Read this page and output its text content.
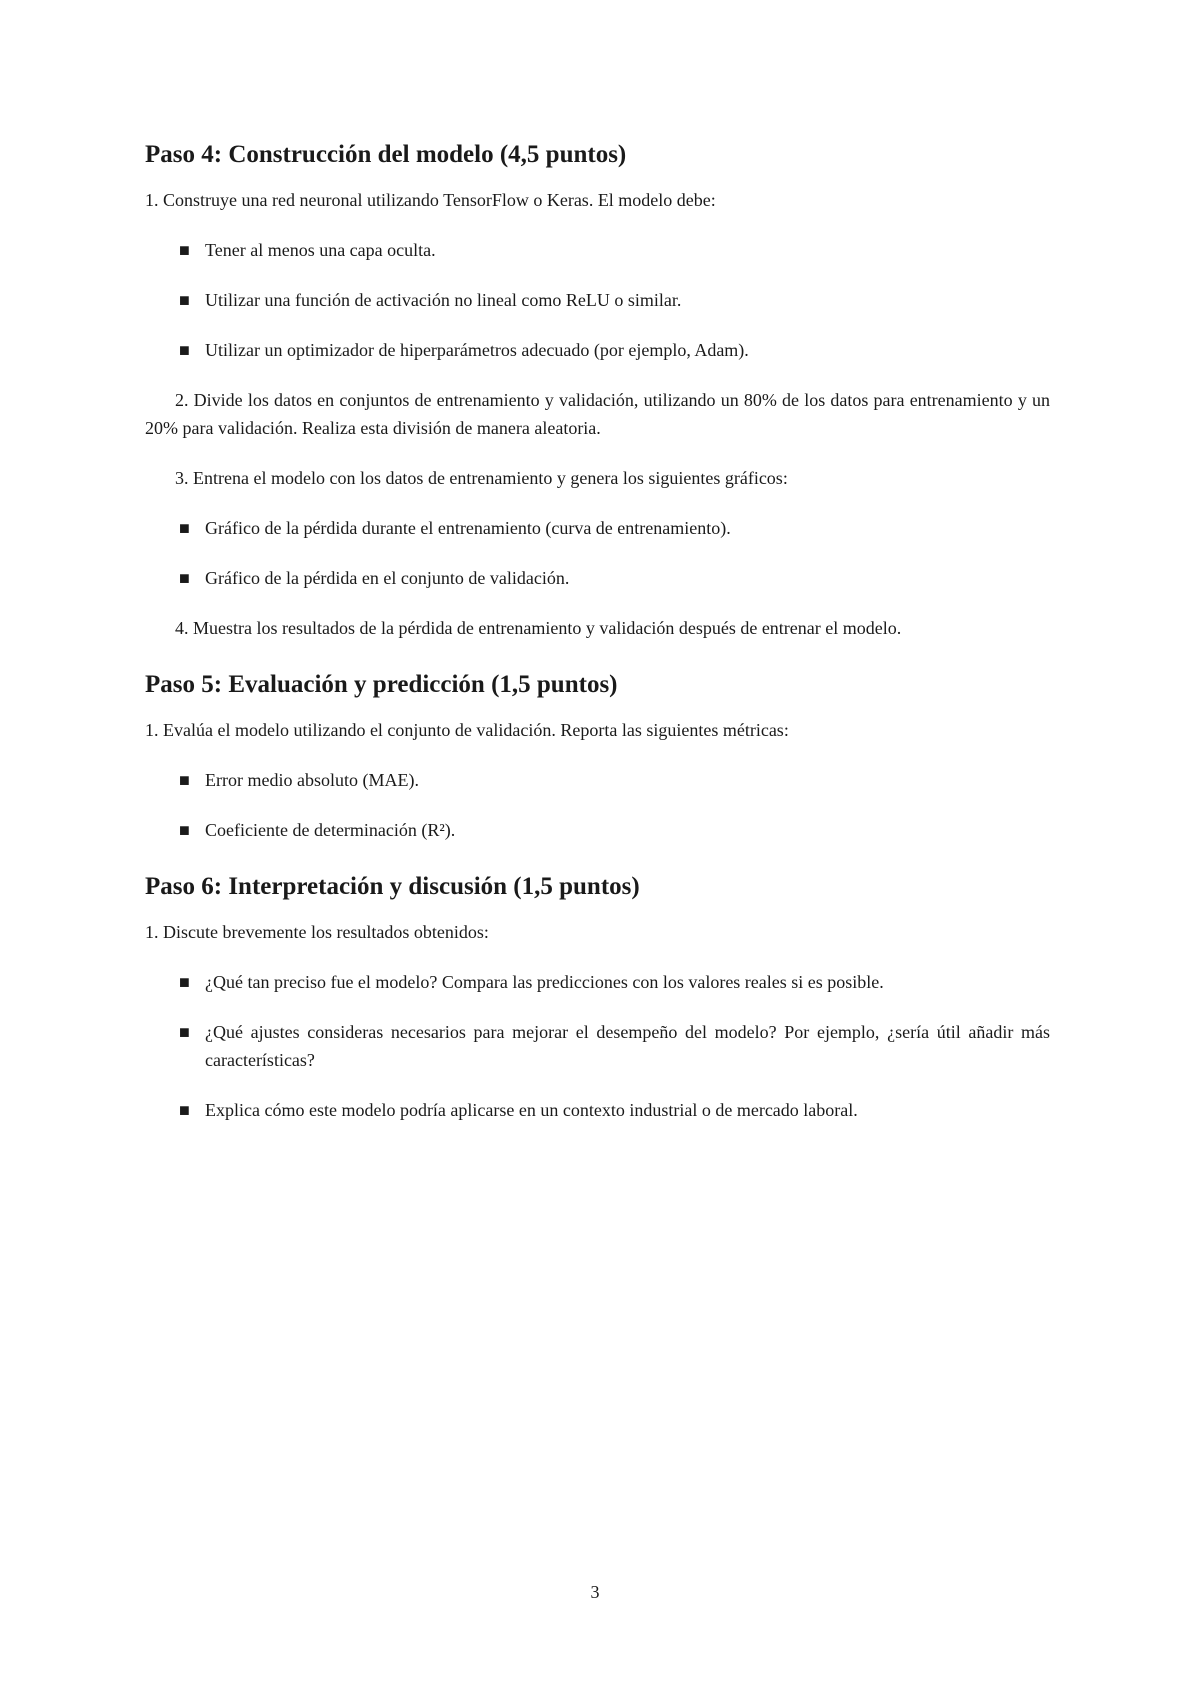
Paso 4: Construcción del modelo (4,5 puntos)

1. Construye una red neuronal utilizando TensorFlow o Keras. El modelo debe:

■ Tener al menos una capa oculta.
■ Utilizar una función de activación no lineal como ReLU o similar.
■ Utilizar un optimizador de hiperparámetros adecuado (por ejemplo, Adam).

2. Divide los datos en conjuntos de entrenamiento y validación, utilizando un 80% de los datos para entrenamiento y un 20% para validación. Realiza esta división de manera aleatoria.

3. Entrena el modelo con los datos de entrenamiento y genera los siguientes gráficos:

■ Gráfico de la pérdida durante el entrenamiento (curva de entrenamiento).
■ Gráfico de la pérdida en el conjunto de validación.

4. Muestra los resultados de la pérdida de entrenamiento y validación después de entrenar el modelo.

Paso 5: Evaluación y predicción (1,5 puntos)

1. Evalúa el modelo utilizando el conjunto de validación. Reporta las siguientes métricas:

■ Error medio absoluto (MAE).
■ Coeficiente de determinación (R²).
Paso 6: Interpretación y discusión (1,5 puntos)

1. Discute brevemente los resultados obtenidos:

■ ¿Qué tan preciso fue el modelo? Compara las predicciones con los valores reales si es posible.
■ ¿Qué ajustes consideras necesarios para mejorar el desempeño del modelo? Por ejemplo, ¿sería útil añadir más características?
■ Explica cómo este modelo podría aplicarse en un contexto industrial o de mercado laboral.
3
